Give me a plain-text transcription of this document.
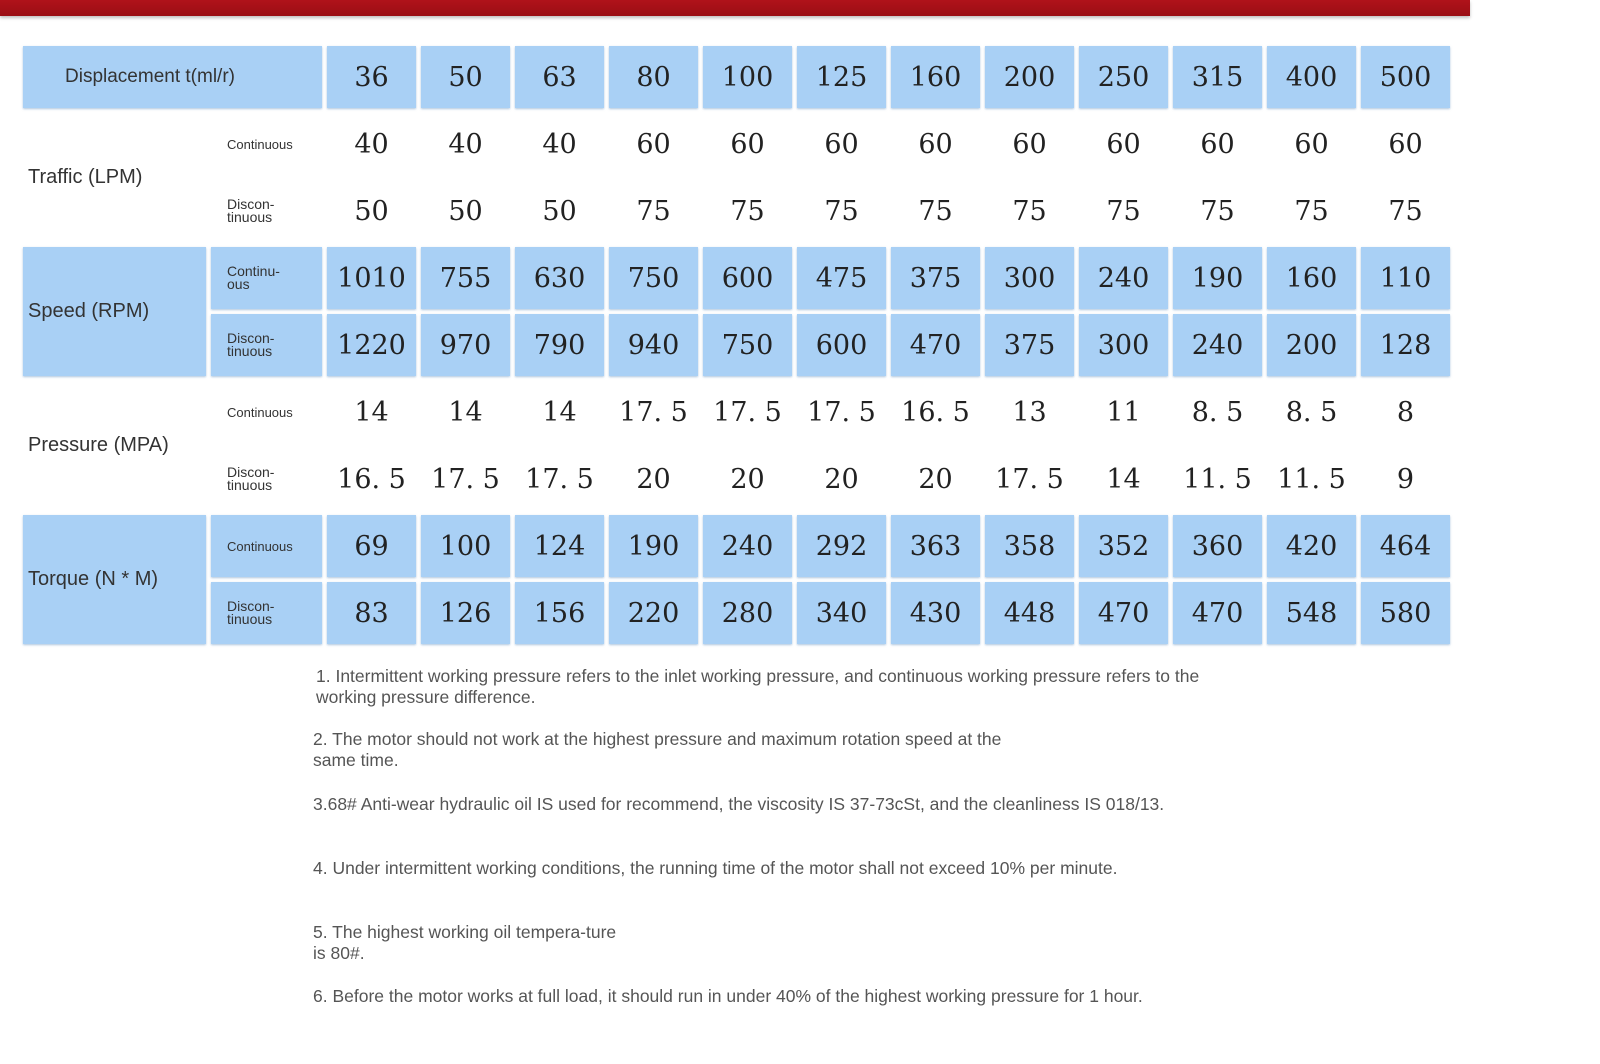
Displacement t(ml/r)		36	50	63	80	100	125	160	200	250	315	400	500
Traffic (LPM)	Continuous	40	40	40	60	60	60	60	60	60	60	60	60
	Discon-
tinuous	50	50	50	75	75	75	75	75	75	75	75	75
Speed (RPM)	Continu-
ous	1010	755	630	750	600	475	375	300	240	190	160	110
	Discon-
tinuous	1220	970	790	940	750	600	470	375	300	240	200	128
Pressure (MPA)	Continuous	14	14	14	17. 5	17. 5	17. 5	16. 5	13	11	8. 5	8. 5	8
	Discon-
tinuous	16. 5	17. 5	17. 5	20	20	20	20	17. 5	14	11. 5	11. 5	9
Torque (N * M)	Continuous	69	100	124	190	240	292	363	358	352	360	420	464
	Discon-
tinuous	83	126	156	220	280	340	430	448	470	470	548	580

1. Intermittent working pressure refers to the inlet working pressure, and continuous working pressure refers to the working pressure difference.

2. The motor should not work at the highest pressure and maximum rotation speed at the same time.

3.68# Anti-wear hydraulic oil IS used for recommend, the viscosity IS 37-73cSt, and the cleanliness IS 018/13.

4. Under intermittent working conditions, the running time of the motor shall not exceed 10% per minute.

5. The highest working oil tempera-ture is 80#.

6. Before the motor works at full load, it should run in under 40% of the highest working pressure for 1 hour.
